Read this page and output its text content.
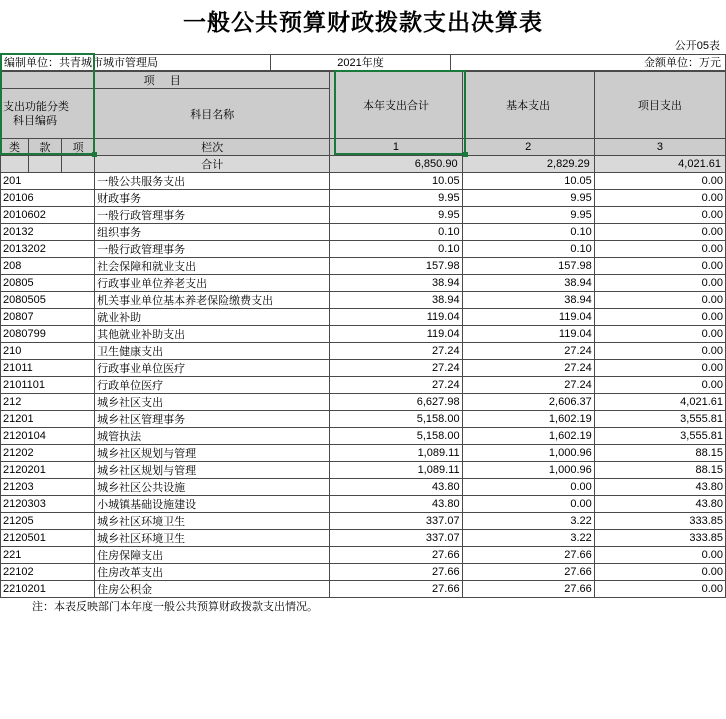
一般公共预算财政拨款支出决算表
公开05表
编制单位：共青城市城市管理局	2021年度	金额单位：万元
项 目				本年支出合计	基本支出	项目支出

支出功能分类
科目编码			科目名称			
类	款	项	栏次	1	2	3
			合计	6,850.90	2,829.29	4,021.61
201			一般公共服务支出	10.05	10.05	0.00
20106			财政事务	9.95	9.95	0.00
2010602			一般行政管理事务	9.95	9.95	0.00
20132			组织事务	0.10	0.10	0.00
2013202			一般行政管理事务	0.10	0.10	0.00
208			社会保障和就业支出	157.98	157.98	0.00
20805			行政事业单位养老支出	38.94	38.94	0.00
2080505			机关事业单位基本养老保险缴费支出	38.94	38.94	0.00
20807			就业补助	119.04	119.04	0.00
2080799			其他就业补助支出	119.04	119.04	0.00
210			卫生健康支出	27.24	27.24	0.00
21011			行政事业单位医疗	27.24	27.24	0.00
2101101			行政单位医疗	27.24	27.24	0.00
212			城乡社区支出	6,627.98	2,606.37	4,021.61
21201			城乡社区管理事务	5,158.00	1,602.19	3,555.81
2120104			城管执法	5,158.00	1,602.19	3,555.81
21202			城乡社区规划与管理	1,089.11	1,000.96	88.15
2120201			城乡社区规划与管理	1,089.11	1,000.96	88.15
21203			城乡社区公共设施	43.80	0.00	43.80
2120303			小城镇基础设施建设	43.80	0.00	43.80
21205			城乡社区环境卫生	337.07	3.22	333.85
2120501			城乡社区环境卫生	337.07	3.22	333.85
221			住房保障支出	27.66	27.66	0.00
22102			住房改革支出	27.66	27.66	0.00
2210201			住房公积金	27.66	27.66	0.00
注：本表反映部门本年度一般公共预算财政拨款支出情况。
